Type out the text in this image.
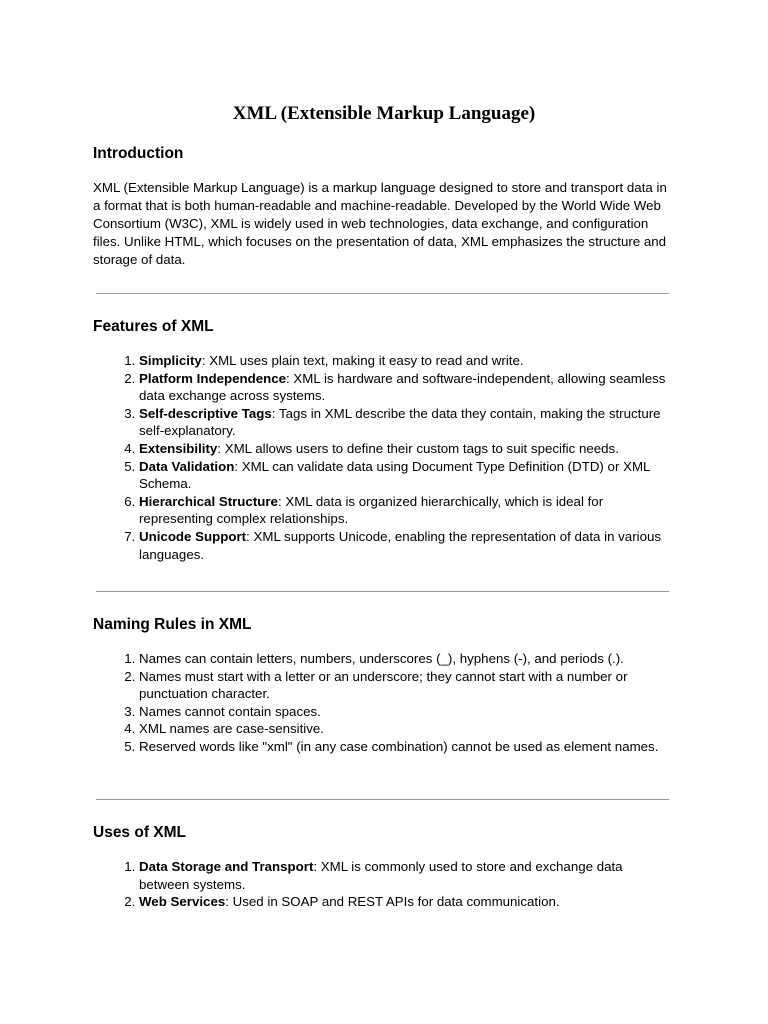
XML (Extensible Markup Language)
Introduction

XML (Extensible Markup Language) is a markup language designed to store and transport data in a format that is both human-readable and machine-readable. Developed by the World Wide Web Consortium (W3C), XML is widely used in web technologies, data exchange, and configuration files. Unlike HTML, which focuses on the presentation of data, XML emphasizes the structure and storage of data.

Features of XML
1. Simplicity: XML uses plain text, making it easy to read and write.
2. Platform Independence: XML is hardware and software-independent, allowing seamless data exchange across systems.
3. Self-descriptive Tags: Tags in XML describe the data they contain, making the structure self-explanatory.
4. Extensibility: XML allows users to define their custom tags to suit specific needs.
5. Data Validation: XML can validate data using Document Type Definition (DTD) or XML Schema.
6. Hierarchical Structure: XML data is organized hierarchically, which is ideal for representing complex relationships.
7. Unicode Support: XML supports Unicode, enabling the representation of data in various languages.
Naming Rules in XML
1. Names can contain letters, numbers, underscores (_), hyphens (-), and periods (.).
2. Names must start with a letter or an underscore; they cannot start with a number or punctuation character.
3. Names cannot contain spaces.
4. XML names are case-sensitive.
5. Reserved words like "xml" (in any case combination) cannot be used as element names.
Uses of XML
1. Data Storage and Transport: XML is commonly used to store and exchange data between systems.
2. Web Services: Used in SOAP and REST APIs for data communication.
